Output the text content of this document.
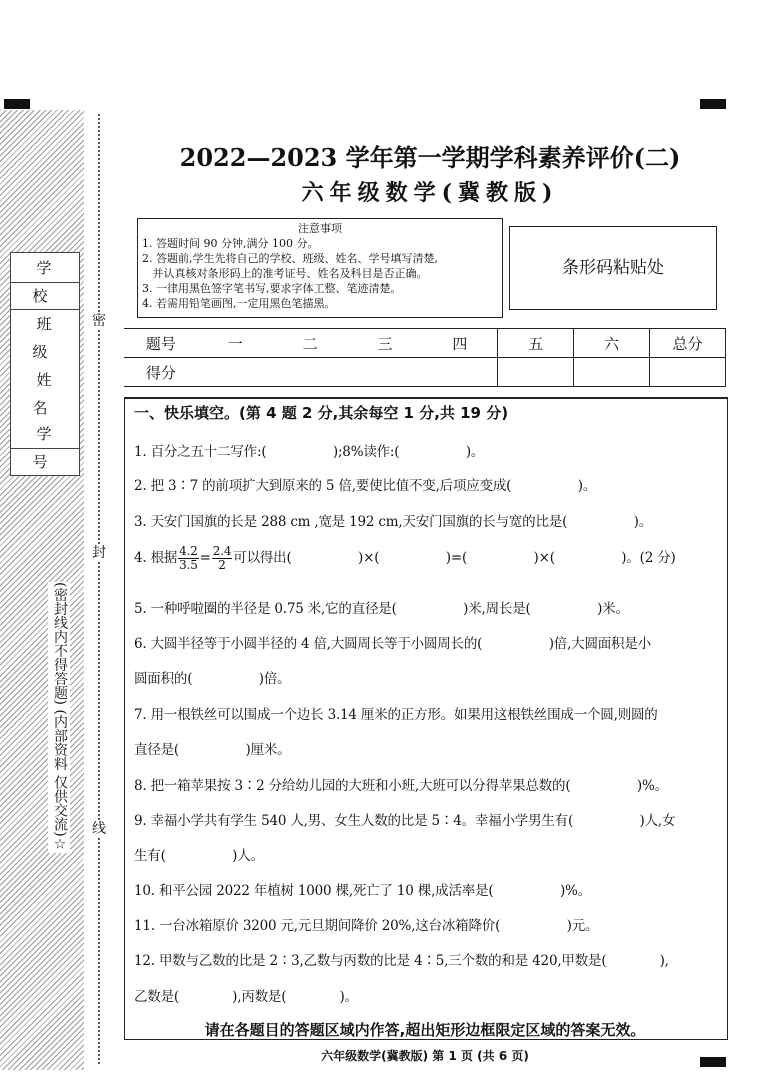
学 校
班 级
姓 名
学 号
密
封
线
(密封线内不得答题) (内部资料 仅供交流)☆
2022—2023 学年第一学期学科素养评价(二)
六年级数学(冀教版)
注意事项
1. 答题时间 90 分钟,满分 100 分。
2. 答题前,学生先将自己的学校、班级、姓名、学号填写清楚,
并认真核对条形码上的准考证号、姓名及科目是否正确。
3. 一律用黑色签字笔书写,要求字体工整、笔迹清楚。
4. 若需用铅笔画图,一定用黑色笔描黑。
条形码粘贴处
题号	一	二	三	四	五	六	总分
得分							
一、快乐填空。(第 4 题 2 分,其余每空 1 分,共 19 分)
1. 百分之五十二写作:(　　　　　);8%读作:(　　　　　)。
2. 把 3∶7 的前项扩大到原来的 5 倍,要使比值不变,后项应变成(　　　　　)。
3. 天安门国旗的长是 288 cm ,宽是 192 cm,天安门国旗的长与宽的比是(　　　　　)。
4. 根据 $\frac{4.2}{3.5} = \frac{2.4}{2}$ 可以得出(　　　　　)×(　　　　　)=(　　　　　)×(　　　　　)。(2 分)
5. 一种呼啦圈的半径是 0.75 米,它的直径是(　　　　　)米,周长是(　　　　　)米。
6. 大圆半径等于小圆半径的 4 倍,大圆周长等于小圆周长的(　　　　　)倍,大圆面积是小
圆面积的(　　　　　)倍。
7. 用一根铁丝可以围成一个边长 3.14 厘米的正方形。如果用这根铁丝围成一个圆,则圆的
直径是(　　　　　)厘米。
8. 把一箱苹果按 3∶2 分给幼儿园的大班和小班,大班可以分得苹果总数的(　　　　　)%。
9. 幸福小学共有学生 540 人,男、女生人数的比是 5∶4。幸福小学男生有(　　　　　)人,女
生有(　　　　　)人。
10. 和平公园 2022 年植树 1000 棵,死亡了 10 棵,成活率是(　　　　　)%。
11. 一台冰箱原价 3200 元,元旦期间降价 20%,这台冰箱降价(　　　　　)元。
12. 甲数与乙数的比是 2∶3,乙数与丙数的比是 4∶5,三个数的和是 420,甲数是(　　　　),
乙数是(　　　　),丙数是(　　　　)。
请在各题目的答题区域内作答,超出矩形边框限定区域的答案无效。
六年级数学(冀教版) 第 1 页 (共 6 页)
